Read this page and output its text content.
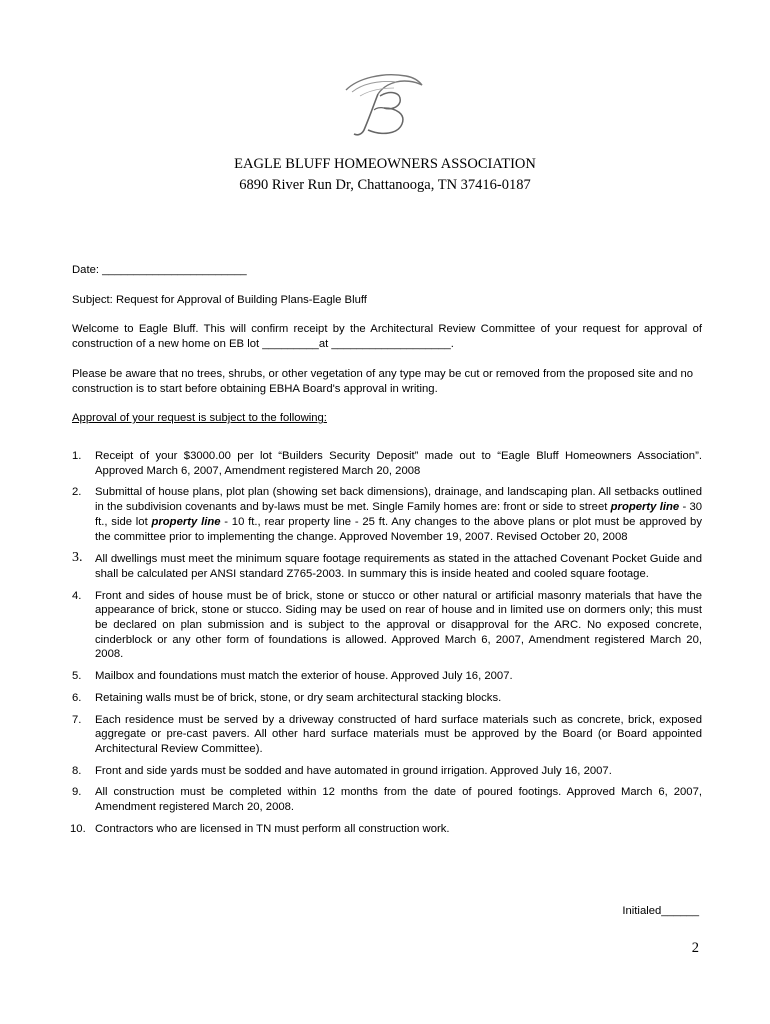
EAGLE BLUFF HOMEOWNERS ASSOCIATION
6890 River Run Dr, Chattanooga, TN 37416-0187
Date: _______________________
Subject: Request for Approval of Building Plans-Eagle Bluff
Welcome to Eagle Bluff. This will confirm receipt by the Architectural Review Committee of your request for approval of construction of a new home on EB lot _________at ___________________.
Please be aware that no trees, shrubs, or other vegetation of any type may be cut or removed from the proposed site and no construction is to start before obtaining EBHA Board's approval in writing.
Approval of your request is subject to the following:
1. Receipt of your $3000.00 per lot “Builders Security Deposit” made out to “Eagle Bluff Homeowners Association”. Approved March 6, 2007, Amendment registered March 20, 2008
2. Submittal of house plans, plot plan (showing set back dimensions), drainage, and landscaping plan. All setbacks outlined in the subdivision covenants and by-laws must be met. Single Family homes are: front or side to street property line - 30 ft., side lot property line - 10 ft., rear property line - 25 ft. Any changes to the above plans or plot must be approved by the committee prior to implementing the change. Approved November 19, 2007. Revised October 20, 2008
3. All dwellings must meet the minimum square footage requirements as stated in the attached Covenant Pocket Guide and shall be calculated per ANSI standard Z765-2003. In summary this is inside heated and cooled square footage.
4. Front and sides of house must be of brick, stone or stucco or other natural or artificial masonry materials that have the appearance of brick, stone or stucco. Siding may be used on rear of house and in limited use on dormers only; this must be declared on plan submission and is subject to the approval or disapproval for the ARC. No exposed concrete, cinderblock or any other form of foundations is allowed. Approved March 6, 2007, Amendment registered March 20, 2008.
5. Mailbox and foundations must match the exterior of house. Approved July 16, 2007.
6. Retaining walls must be of brick, stone, or dry seam architectural stacking blocks.
7. Each residence must be served by a driveway constructed of hard surface materials such as concrete, brick, exposed aggregate or pre-cast pavers. All other hard surface materials must be approved by the Board (or Board appointed Architectural Review Committee).
8. Front and side yards must be sodded and have automated in ground irrigation. Approved July 16, 2007.
9. All construction must be completed within 12 months from the date of poured footings. Approved March 6, 2007, Amendment registered March 20, 2008.
10. Contractors who are licensed in TN must perform all construction work.
Initialed______
2
